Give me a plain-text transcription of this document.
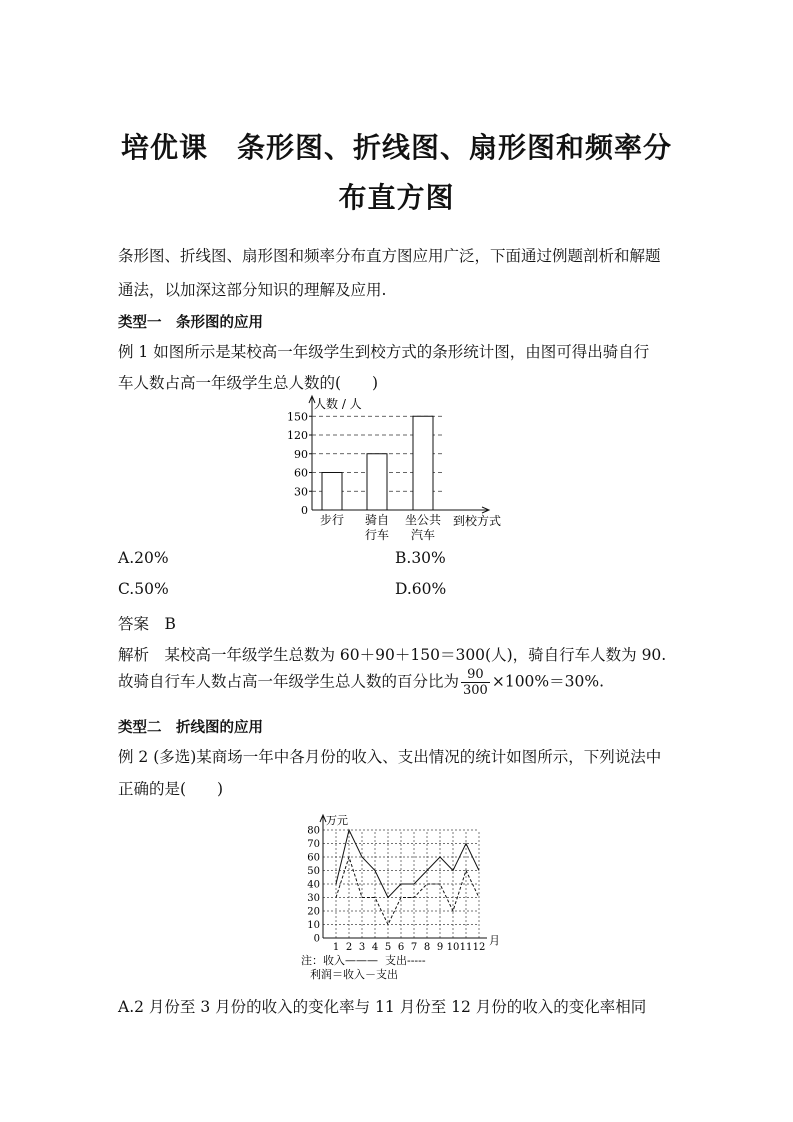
培优课　条形图、折线图、扇形图和频率分
布直方图
条形图、折线图、扇形图和频率分布直方图应用广泛，下面通过例题剖析和解题
通法，以加深这部分知识的理解及应用.
类型一　条形图的应用
例 1 如图所示是某校高一年级学生到校方式的条形统计图，由图可得出骑自行
车人数占高一年级学生总人数的(　　)
人数 / 人
0
30
60
90
120
150
步行 骑自
行车
坐公共
汽车
到校方式
A.20%	B.30%
C.50%	D.60%
答案　B
解析　某校高一年级学生总数为 60＋90＋150＝300(人)，骑自行车人数为 90.
故骑自行车人数占高一年级学生总人数的百分比为 $\frac{90}{300} \times 100\%=30\%$.
类型二　折线图的应用
例 2 (多选)某商场一年中各月份的收入、支出情况的统计如图所示，下列说法中
正确的是(　　)
0
10
20
30
40
50
60
70
80
1 2 3 4 5 6 7 8 9 10 11 12
万元
月
注：收入——— 支出-----
利润＝收入－支出
A.2 月份至 3 月份的收入的变化率与 11 月份至 12 月份的收入的变化率相同
